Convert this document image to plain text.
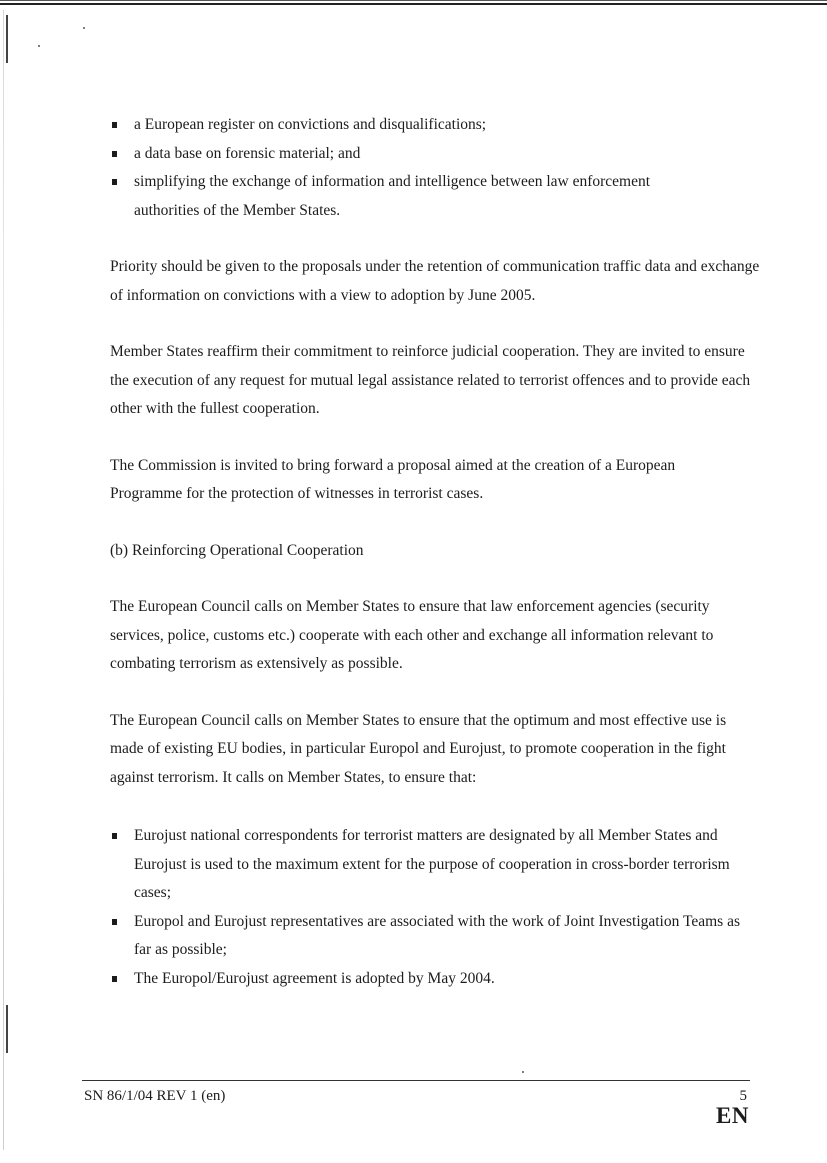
a European register on convictions and disqualifications;
a data base on forensic material; and
simplifying the exchange of information and intelligence between law enforcement authorities of the Member States.

Priority should be given to the proposals under the retention of communication traffic data and exchange of information on convictions with a view to adoption by June 2005.

Member States reaffirm their commitment to reinforce judicial cooperation. They are invited to ensure the execution of any request for mutual legal assistance related to terrorist offences and to provide each other with the fullest cooperation.

The Commission is invited to bring forward a proposal aimed at the creation of a European Programme for the protection of witnesses in terrorist cases.

(b) Reinforcing Operational Cooperation

The European Council calls on Member States to ensure that law enforcement agencies (security services, police, customs etc.) cooperate with each other and exchange all information relevant to combating terrorism as extensively as possible.

The European Council calls on Member States to ensure that the optimum and most effective use is made of existing EU bodies, in particular Europol and Eurojust, to promote cooperation in the fight against terrorism. It calls on Member States, to ensure that:

Eurojust national correspondents for terrorist matters are designated by all Member States and Eurojust is used to the maximum extent for the purpose of cooperation in cross-border terrorism cases;
Europol and Eurojust representatives are associated with the work of Joint Investigation Teams as far as possible;
The Europol/Eurojust agreement is adopted by May 2004.
SN 86/1/04 REV 1 (en)	5
EN
